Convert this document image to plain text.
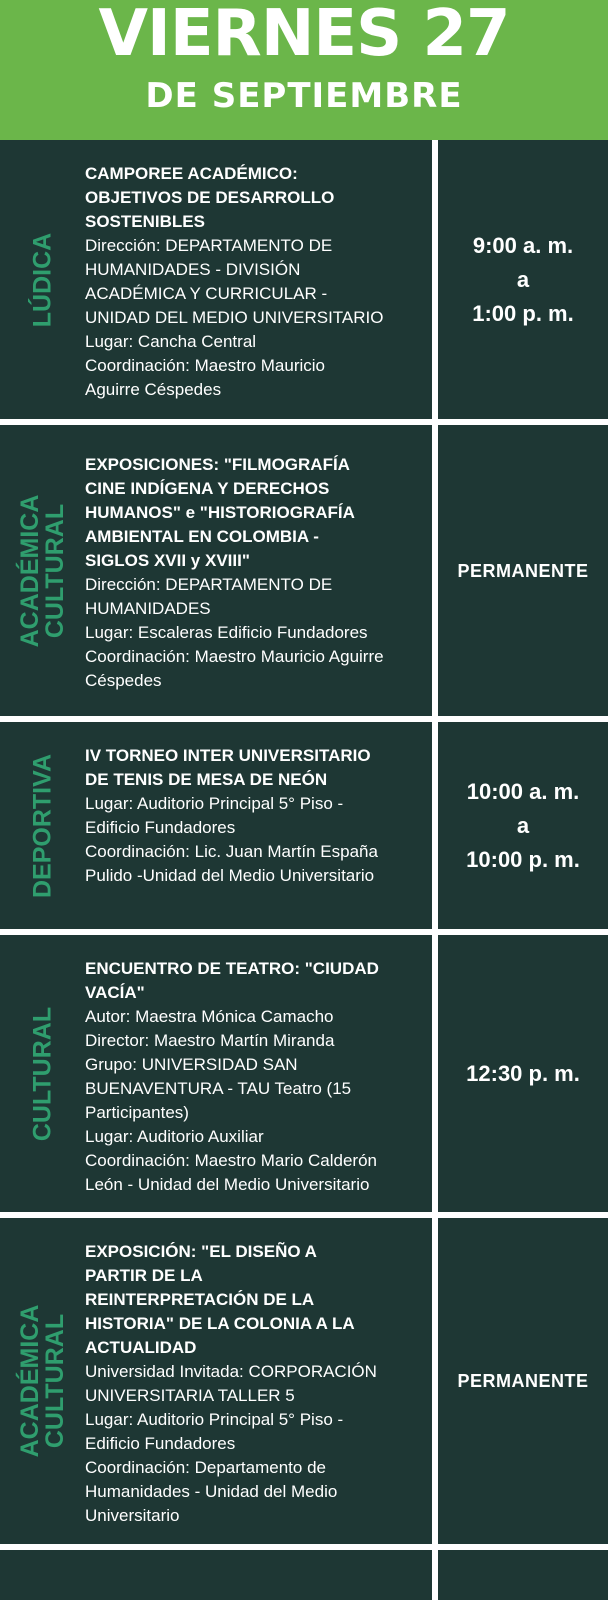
VIERNES 27
DE SEPTIEMBRE
LÚDICA
CAMPOREE ACADÉMICO:
OBJETIVOS DE DESARROLLO
SOSTENIBLES
Dirección: DEPARTAMENTO DE
HUMANIDADES - DIVISIÓN
ACADÉMICA Y CURRICULAR -
UNIDAD DEL MEDIO UNIVERSITARIO
Lugar: Cancha Central
Coordinación: Maestro Mauricio
Aguirre Céspedes
9:00 a. m.
a
1:00 p. m.
ACADÉMICA
CULTURAL
EXPOSICIONES: "FILMOGRAFÍA
CINE INDÍGENA Y DERECHOS
HUMANOS" e "HISTORIOGRAFÍA
AMBIENTAL EN COLOMBIA -
SIGLOS XVII y XVIII"
Dirección: DEPARTAMENTO DE
HUMANIDADES
Lugar: Escaleras Edificio Fundadores
Coordinación: Maestro Mauricio Aguirre
Céspedes
PERMANENTE
DEPORTIVA IV TORNEO INTER UNIVERSITARIO
DE TENIS DE MESA DE NEÓN
Lugar: Auditorio Principal 5° Piso -
Edificio Fundadores
Coordinación: Lic. Juan Martín España
Pulido -Unidad del Medio Universitario
10:00 a. m.
a
10:00 p. m.
CULTURAL
ENCUENTRO DE TEATRO: "CIUDAD
VACÍA"
Autor: Maestra Mónica Camacho
Director: Maestro Martín Miranda
Grupo: UNIVERSIDAD SAN
BUENAVENTURA - TAU Teatro (15
Participantes)
Lugar: Auditorio Auxiliar
Coordinación: Maestro Mario Calderón
León - Unidad del Medio Universitario
12:30 p. m.
ACADÉMICA
CULTURAL
EXPOSICIÓN: "EL DISEÑO A
PARTIR DE LA
REINTERPRETACIÓN DE LA
HISTORIA" DE LA COLONIA A LA
ACTUALIDAD
Universidad Invitada: CORPORACIÓN
UNIVERSITARIA TALLER 5
Lugar: Auditorio Principal 5° Piso -
Edificio Fundadores
Coordinación: Departamento de
Humanidades - Unidad del Medio
Universitario
PERMANENTE
